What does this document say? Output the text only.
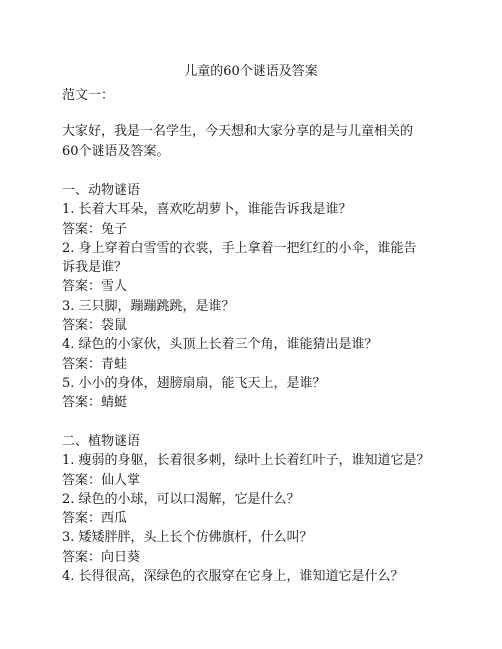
儿童的60个谜语及答案
范文一：
大家好，我是一名学生，今天想和大家分享的是与儿童相关的
60个谜语及答案。
一、动物谜语
1. 长着大耳朵，喜欢吃胡萝卜，谁能告诉我是谁？
答案：兔子
2. 身上穿着白雪雪的衣裳，手上拿着一把红红的小伞，谁能告
诉我是谁？
答案：雪人
3. 三只脚，蹦蹦跳跳，是谁？
答案：袋鼠
4. 绿色的小家伙，头顶上长着三个角，谁能猜出是谁？
答案：青蛙
5. 小小的身体，翅膀扇扇，能飞天上，是谁？
答案：蜻蜓
二、植物谜语
1. 瘦弱的身躯，长着很多刺，绿叶上长着红叶子，谁知道它是？
答案：仙人掌
2. 绿色的小球，可以口渴解，它是什么？
答案：西瓜
3. 矮矮胖胖，头上长个仿佛旗杆，什么叫？
答案：向日葵
4. 长得很高，深绿色的衣服穿在它身上，谁知道它是什么？
